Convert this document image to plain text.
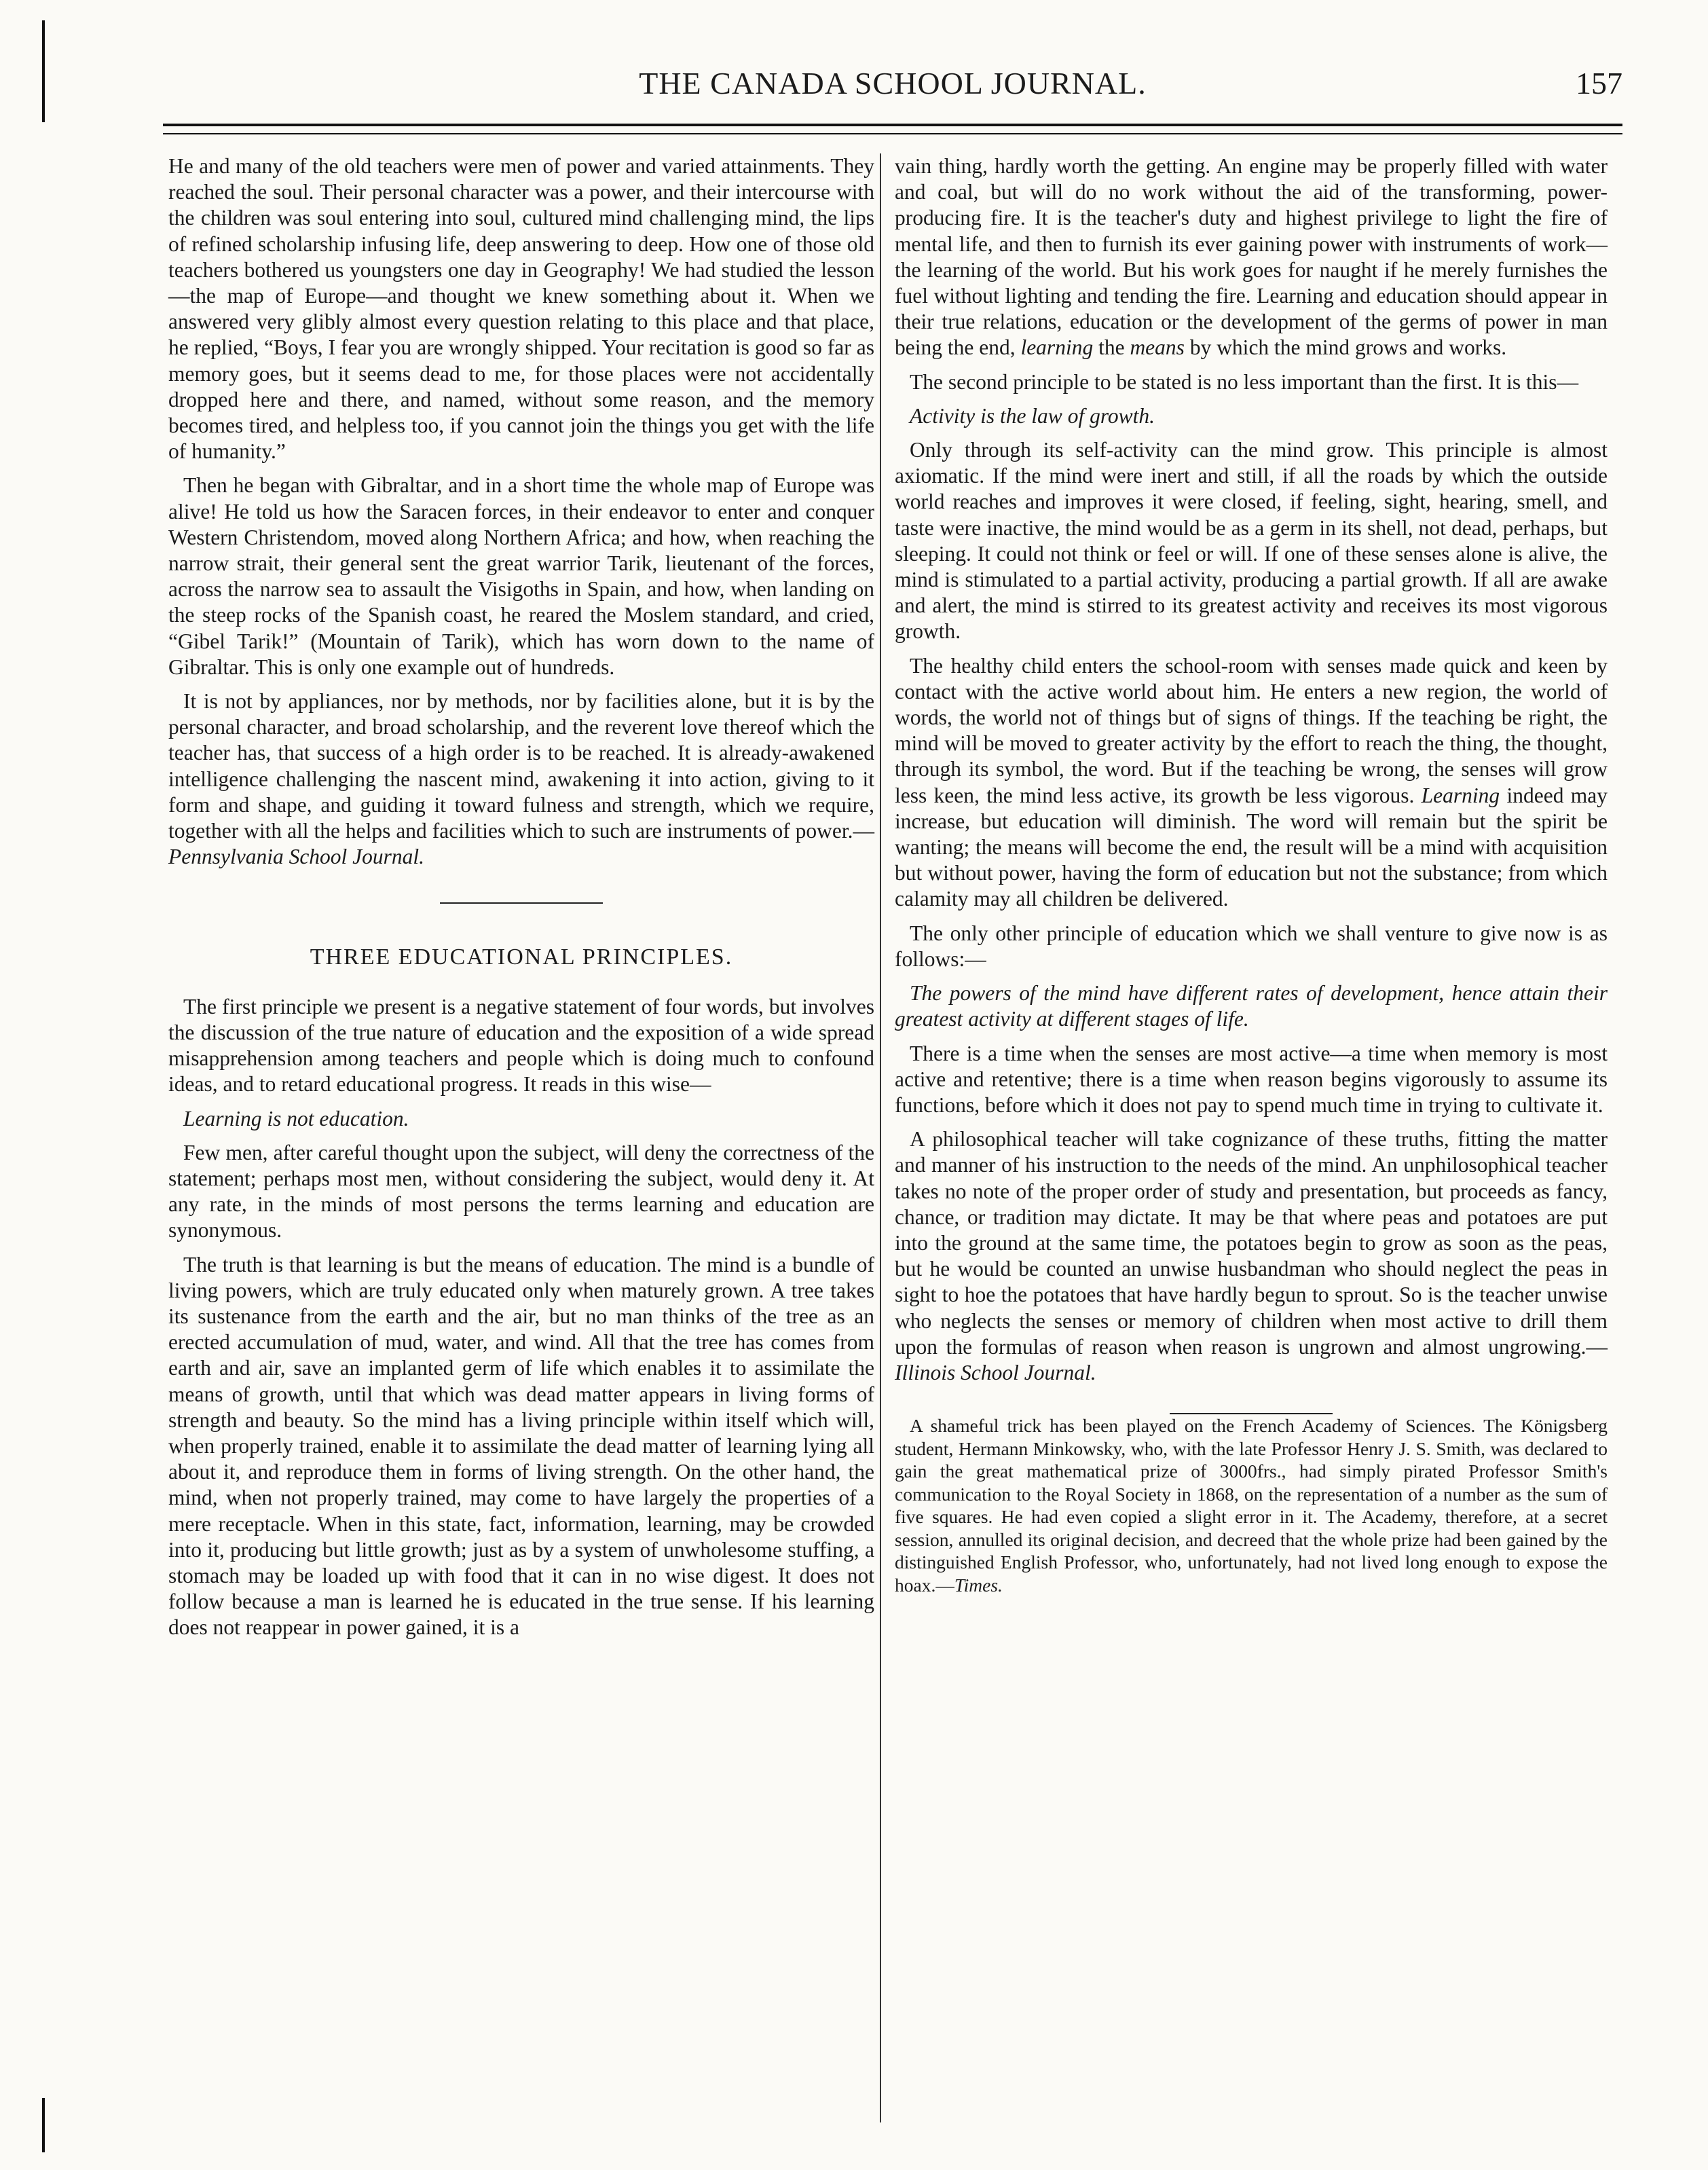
THE CANADA SCHOOL JOURNAL.	157

He and many of the old teachers were men of power and varied attainments. They reached the soul. Their personal character was a power, and their intercourse with the children was soul entering into soul, cultured mind challenging mind, the lips of refined scholarship infusing life, deep answering to deep. How one of those old teachers bothered us youngsters one day in Geography! We had studied the lesson—the map of Europe—and thought we knew something about it. When we answered very glibly almost every question relating to this place and that place, he replied, “Boys, I fear you are wrongly shipped. Your recitation is good so far as memory goes, but it seems dead to me, for those places were not accidentally dropped here and there, and named, without some reason, and the memory becomes tired, and helpless too, if you cannot join the things you get with the life of humanity.”

Then he began with Gibraltar, and in a short time the whole map of Europe was alive! He told us how the Saracen forces, in their endeavor to enter and conquer Western Christendom, moved along Northern Africa; and how, when reaching the narrow strait, their general sent the great warrior Tarik, lieutenant of the forces, across the narrow sea to assault the Visigoths in Spain, and how, when landing on the steep rocks of the Spanish coast, he reared the Moslem standard, and cried, “Gibel Tarik!” (Mountain of Tarik), which has worn down to the name of Gibraltar. This is only one example out of hundreds.

It is not by appliances, nor by methods, nor by facilities alone, but it is by the personal character, and broad scholarship, and the reverent love thereof which the teacher has, that success of a high order is to be reached. It is already-awakened intelligence challenging the nascent mind, awakening it into action, giving to it form and shape, and guiding it toward fulness and strength, which we require, together with all the helps and facilities which to such are instruments of power.—Pennsylvania School Journal.

THREE EDUCATIONAL PRINCIPLES.

The first principle we present is a negative statement of four words, but involves the discussion of the true nature of education and the exposition of a wide spread misapprehension among teachers and people which is doing much to confound ideas, and to retard educational progress. It reads in this wise—

Learning is not education.

Few men, after careful thought upon the subject, will deny the correctness of the statement; perhaps most men, without considering the subject, would deny it. At any rate, in the minds of most persons the terms learning and education are synonymous.

The truth is that learning is but the means of education. The mind is a bundle of living powers, which are truly educated only when maturely grown. A tree takes its sustenance from the earth and the air, but no man thinks of the tree as an erected accumulation of mud, water, and wind. All that the tree has comes from earth and air, save an implanted germ of life which enables it to assimilate the means of growth, until that which was dead matter appears in living forms of strength and beauty. So the mind has a living principle within itself which will, when properly trained, enable it to assimilate the dead matter of learning lying all about it, and reproduce them in forms of living strength. On the other hand, the mind, when not properly trained, may come to have largely the properties of a mere receptacle. When in this state, fact, information, learning, may be crowded into it, producing but little growth; just as by a system of unwholesome stuffing, a stomach may be loaded up with food that it can in no wise digest. It does not follow because a man is learned he is educated in the true sense. If his learning does not reappear in power gained, it is a

vain thing, hardly worth the getting. An engine may be properly filled with water and coal, but will do no work without the aid of the transforming, power-producing fire. It is the teacher's duty and highest privilege to light the fire of mental life, and then to furnish its ever gaining power with instruments of work—the learning of the world. But his work goes for naught if he merely furnishes the fuel without lighting and tending the fire. Learning and education should appear in their true relations, education or the development of the germs of power in man being the end, learning the means by which the mind grows and works.

The second principle to be stated is no less important than the first. It is this—

Activity is the law of growth.

Only through its self-activity can the mind grow. This principle is almost axiomatic. If the mind were inert and still, if all the roads by which the outside world reaches and improves it were closed, if feeling, sight, hearing, smell, and taste were inactive, the mind would be as a germ in its shell, not dead, perhaps, but sleeping. It could not think or feel or will. If one of these senses alone is alive, the mind is stimulated to a partial activity, producing a partial growth. If all are awake and alert, the mind is stirred to its greatest activity and receives its most vigorous growth.

The healthy child enters the school-room with senses made quick and keen by contact with the active world about him. He enters a new region, the world of words, the world not of things but of signs of things. If the teaching be right, the mind will be moved to greater activity by the effort to reach the thing, the thought, through its symbol, the word. But if the teaching be wrong, the senses will grow less keen, the mind less active, its growth be less vigorous. Learning indeed may increase, but education will diminish. The word will remain but the spirit be wanting; the means will become the end, the result will be a mind with acquisition but without power, having the form of education but not the substance; from which calamity may all children be delivered.

The only other principle of education which we shall venture to give now is as follows:—

The powers of the mind have different rates of development, hence attain their greatest activity at different stages of life.

There is a time when the senses are most active—a time when memory is most active and retentive; there is a time when reason begins vigorously to assume its functions, before which it does not pay to spend much time in trying to cultivate it.

A philosophical teacher will take cognizance of these truths, fitting the matter and manner of his instruction to the needs of the mind. An unphilosophical teacher takes no note of the proper order of study and presentation, but proceeds as fancy, chance, or tradition may dictate. It may be that where peas and potatoes are put into the ground at the same time, the potatoes begin to grow as soon as the peas, but he would be counted an unwise husbandman who should neglect the peas in sight to hoe the potatoes that have hardly begun to sprout. So is the teacher unwise who neglects the senses or memory of children when most active to drill them upon the formulas of reason when reason is ungrown and almost ungrowing.—Illinois School Journal.

A shameful trick has been played on the French Academy of Sciences. The Königsberg student, Hermann Minkowsky, who, with the late Professor Henry J. S. Smith, was declared to gain the great mathematical prize of 3000frs., had simply pirated Professor Smith's communication to the Royal Society in 1868, on the representation of a number as the sum of five squares. He had even copied a slight error in it. The Academy, therefore, at a secret session, annulled its original decision, and decreed that the whole prize had been gained by the distinguished English Professor, who, unfortunately, had not lived long enough to expose the hoax.—Times.
